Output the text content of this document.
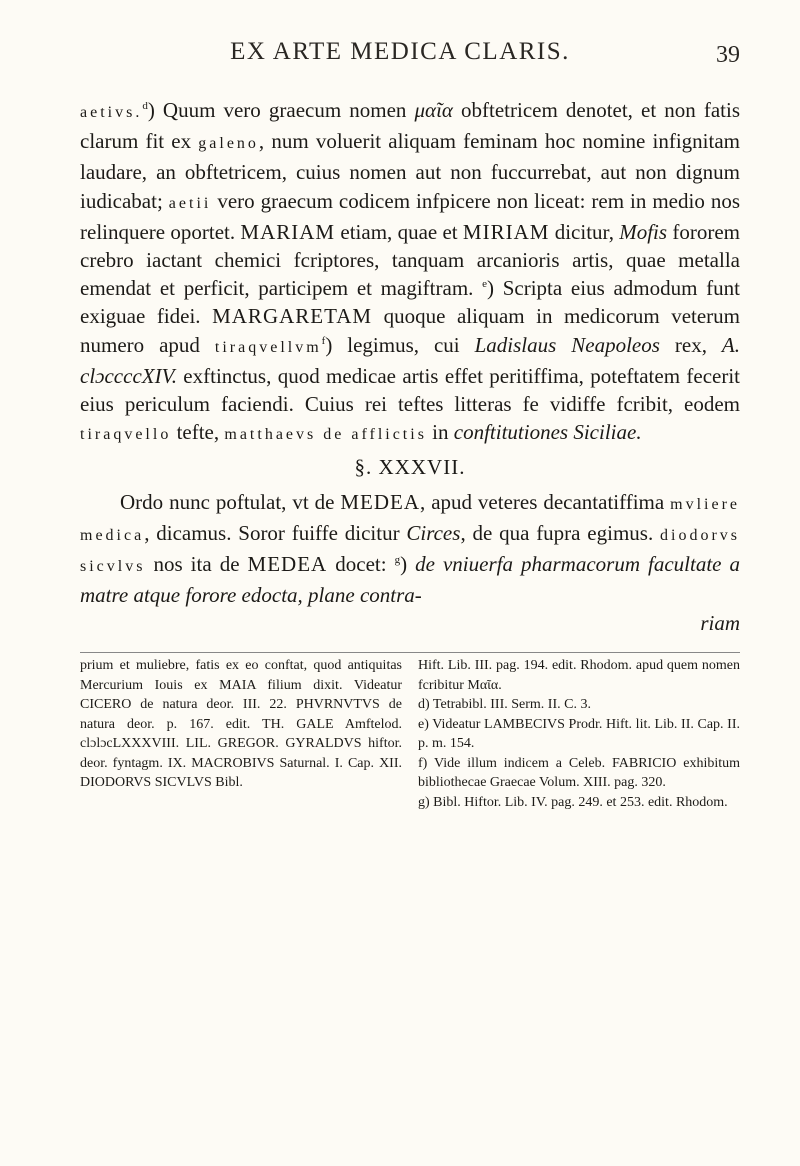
EX ARTE MEDICA CLARIS.	39

aetivs.$^d$) Quum vero graecum nomen μαῖα obftetricem denotet, et non fatis clarum fit ex galeno, num voluerit aliquam feminam hoc nomine infignitam laudare, an obftetricem, cuius nomen aut non fuccurrebat, aut non dignum iudicabat; aetii vero graecum codicem infpicere non liceat: rem in medio nos relinquere oportet. MARIAM etiam, quae et MIRIAM dicitur, Mofis fororem crebro iactant chemici fcriptores, tanquam arcanioris artis, quae metalla emendat et perficit, participem et magiftram. $^e$) Scripta eius admodum funt exiguae fidei. MARGARETAM quoque aliquam in medicorum veterum numero apud tiraqvellvm$^f$) legimus, cui Ladislaus Neapoleos rex, A. clɔccccXIV. exftinctus, quod medicae artis effet peritiffima, poteftatem fecerit eius periculum faciendi. Cuius rei teftes litteras fe vidiffe fcribit, eodem tiraqvello tefte, matthaevs de afflictis in conftitutiones Siciliae.

§. XXXVII.

Ordo nunc poftulat, vt de MEDEA, apud veteres decantatiffima mvliere medica, dicamus. Soror fuiffe dicitur Circes, de qua fupra egimus. diodorvs sicvlvs nos ita de MEDEA docet: $^g$) de vniuerfa pharmacorum facultate a matre atque forore edocta, plane contra-

riam

prium et muliebre, fatis ex eo conftat, quod antiquitas Mercurium Iouis ex MAIA filium dixit. Videatur CICERO de natura deor. III. 22. PHVRNVTVS de natura deor. p. 167. edit. TH. GALE Amftelod. clɔlɔcLXXXVIII. LIL. GREGOR. GYRALDVS hiftor. deor. fyntagm. IX. MACROBIVS Saturnal. I. Cap. XII. DIODORVS SICVLVS Bibl.

Hift. Lib. III. pag. 194. edit. Rhodom. apud quem nomen fcribitur Μαῖα.

d) Tetrabibl. III. Serm. II. C. 3.

e) Videatur LAMBECIVS Prodr. Hift. lit. Lib. II. Cap. II. p. m. 154.

f) Vide illum indicem a Celeb. FABRICIO exhibitum bibliothecae Graecae Volum. XIII. pag. 320.

g) Bibl. Hiftor. Lib. IV. pag. 249. et 253. edit. Rhodom.
